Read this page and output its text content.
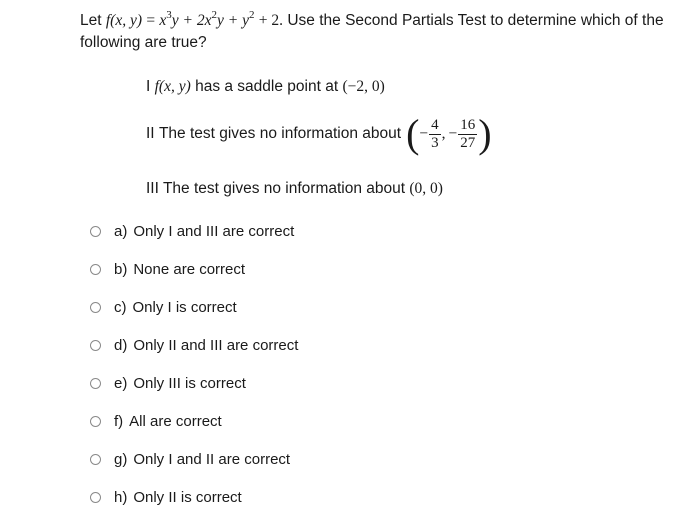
Let f(x, $y) = x^3y + 2x^2y + y^2 + 2$. Use the Second Partials Test to determine which of the following are true?
I f(x, y) has a saddle point at (−2, 0)
II
The test gives no information about ( − $\frac{4}{3}$ , − $\frac{16}{27}$ )
III The test gives no information about (0, 0)
a) Only I and III are correct
b) None are correct
c) Only I is correct
d) Only II and III are correct
e) Only III is correct
f) All are correct
g) Only I and II are correct
h) Only II is correct
